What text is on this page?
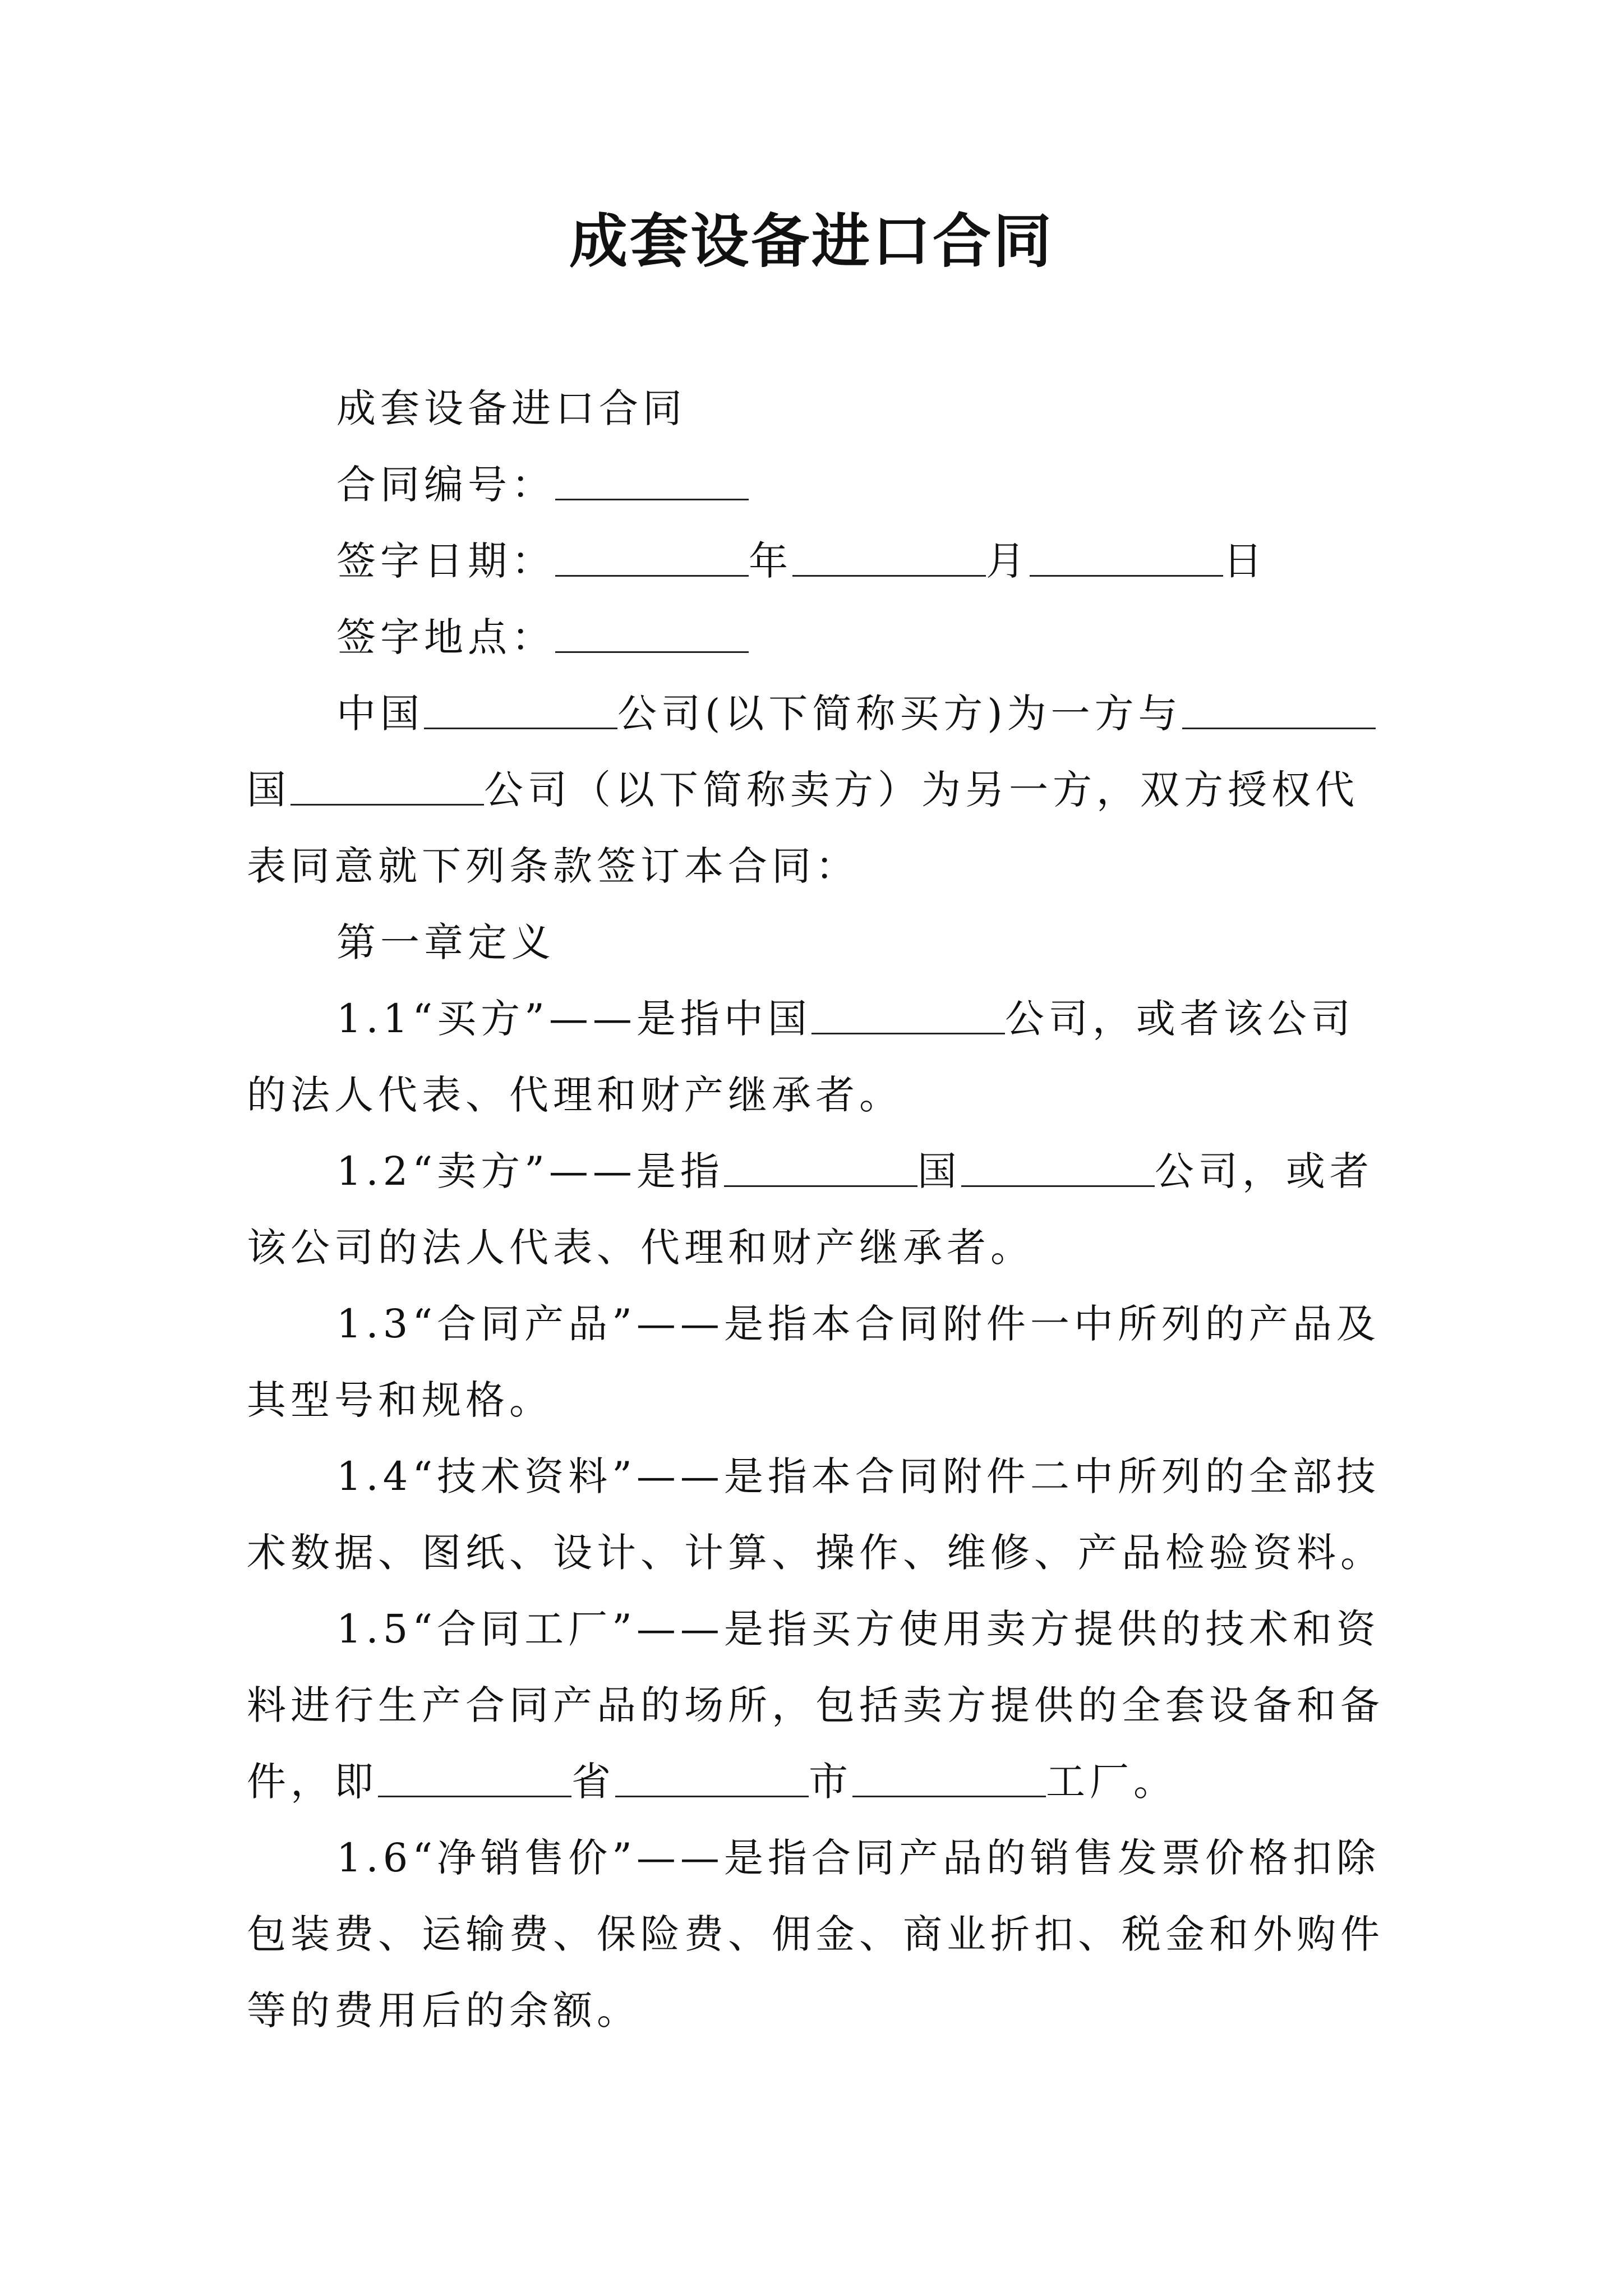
成套设备进口合同

成套设备进口合同

合同编号：

签字日期：	年	月	日

签字地点：

中国	公司(以下简称买方)为一方与国	公司（以下简称卖方）为另一方，双方授权代表同意就下列条款签订本合同：

第一章定义

1.1“买方”——是指中国	公司，或者该公司的法人代表、代理和财产继承者。

1.2“卖方”——是指	国	公司，或者该公司的法人代表、代理和财产继承者。

1.3“合同产品”——是指本合同附件一中所列的产品及其型号和规格。

1.4“技术资料”——是指本合同附件二中所列的全部技术数据、图纸、设计、计算、操作、维修、产品检验资料。

1.5“合同工厂”——是指买方使用卖方提供的技术和资料进行生产合同产品的场所，包括卖方提供的全套设备和备件，即	省	市	工厂。

1.6“净销售价”——是指合同产品的销售发票价格扣除包装费、运输费、保险费、佣金、商业折扣、税金和外购件等的费用后的余额。
